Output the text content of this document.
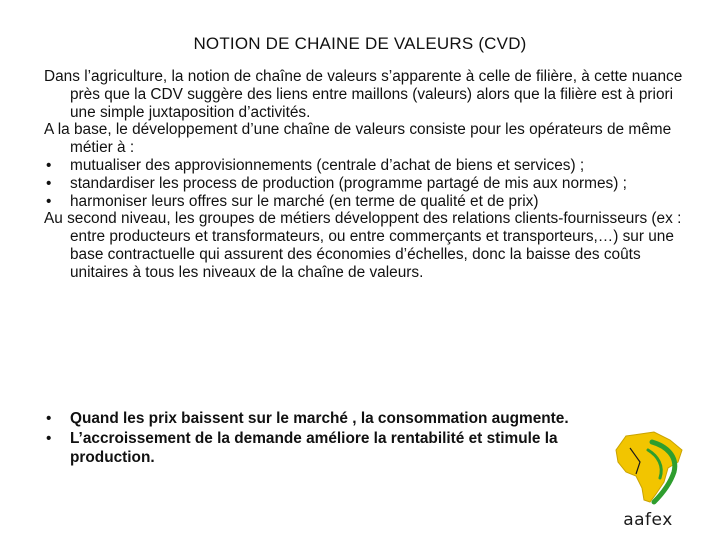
NOTION DE CHAINE DE VALEURS (CVD)

Dans l’agriculture, la notion de chaîne de valeurs s’apparente à celle de filière, à cette nuance près que la CDV suggère des liens entre maillons (valeurs) alors que la filière est à priori une simple juxtaposition d’activités.

A la base, le développement d’une chaîne de valeurs consiste pour les opérateurs de même métier à :

• mutualiser des approvisionnements (centrale d’achat de biens et services) ;
• standardiser les process de production (programme partagé de mis aux normes) ;
• harmoniser leurs offres sur le marché (en terme de qualité et de prix)

Au second niveau, les groupes de métiers développent des relations clients-fournisseurs (ex : entre producteurs et transformateurs, ou entre commerçants et transporteurs,…) sur une base contractuelle qui assurent des économies d’échelles, donc la baisse des coûts unitaires à tous les niveaux de la chaîne de valeurs.

• Quand les prix baissent sur le marché , la consommation augmente.
• L’accroissement de la demande améliore la rentabilité et stimule la production.
aafex
